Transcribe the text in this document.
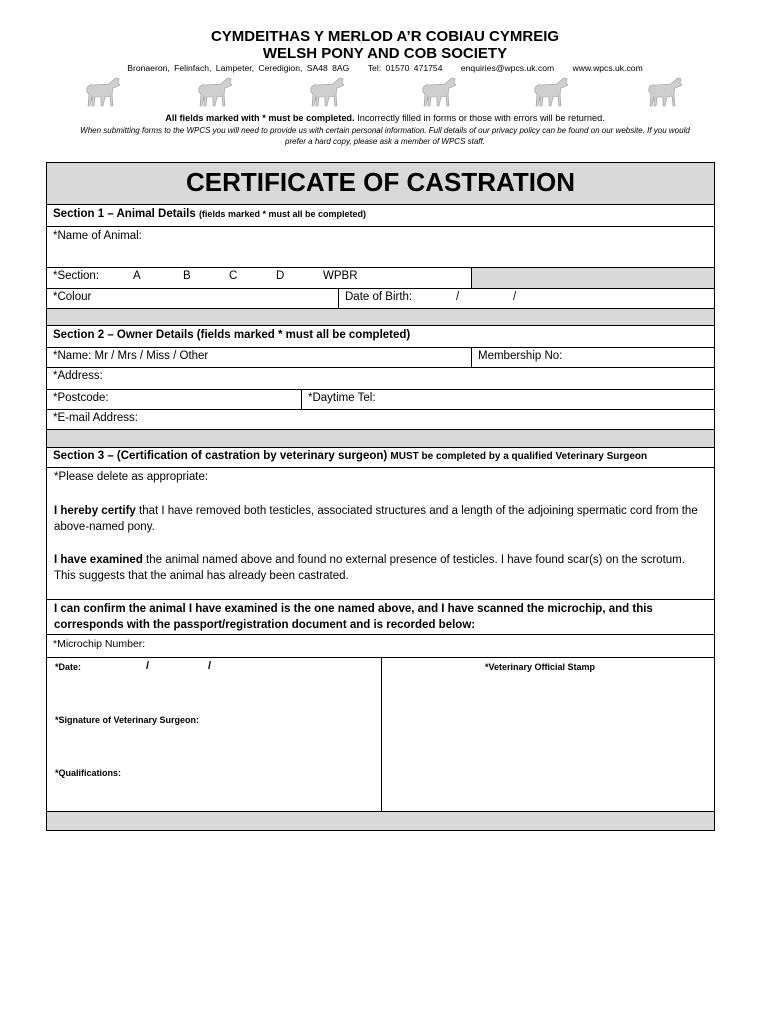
CYMDEITHAS Y MERLOD A’R COBIAU CYMREIG
WELSH PONY AND COB SOCIETY
Bronaeron, Felinfach, Lampeter, Ceredigion, SA48 8AG Tel: 01570 471754 enquiries@wpcs.uk.com www.wpcs.uk.com
All fields marked with * must be completed. Incorrectly filled in forms or those with errors will be returned.
When submitting forms to the WPCS you will need to provide us with certain personal information. Full details of our privacy policy can be found on our website. If you would prefer a hard copy, please ask a member of WPCS staff.
CERTIFICATE OF CASTRATION
Section 1 – Animal Details (fields marked * must all be completed)
*Name of Animal:
*Section:	A	B	C	D	WPBR
*Colour	Date of Birth:	/	/
Section 2 – Owner Details (fields marked * must all be completed)
*Name: Mr / Mrs / Miss / Other	Membership No:
*Address:
*Postcode:	*Daytime Tel:
*E-mail Address:
Section 3 – (Certification of castration by veterinary surgeon) MUST be completed by a qualified Veterinary Surgeon

*Please delete as appropriate:

I hereby certify that I have removed both testicles, associated structures and a length of the adjoining spermatic cord from the above-named pony.

I have examined the animal named above and found no external presence of testicles. I have found scar(s) on the scrotum. This suggests that the animal has already been castrated.

I can confirm the animal I have examined is the one named above, and I have scanned the microchip, and this corresponds with the passport/registration document and is recorded below:

*Microchip Number:
*Date:	/	/
*Signature of Veterinary Surgeon:
*Qualifications:
*Veterinary Official Stamp
